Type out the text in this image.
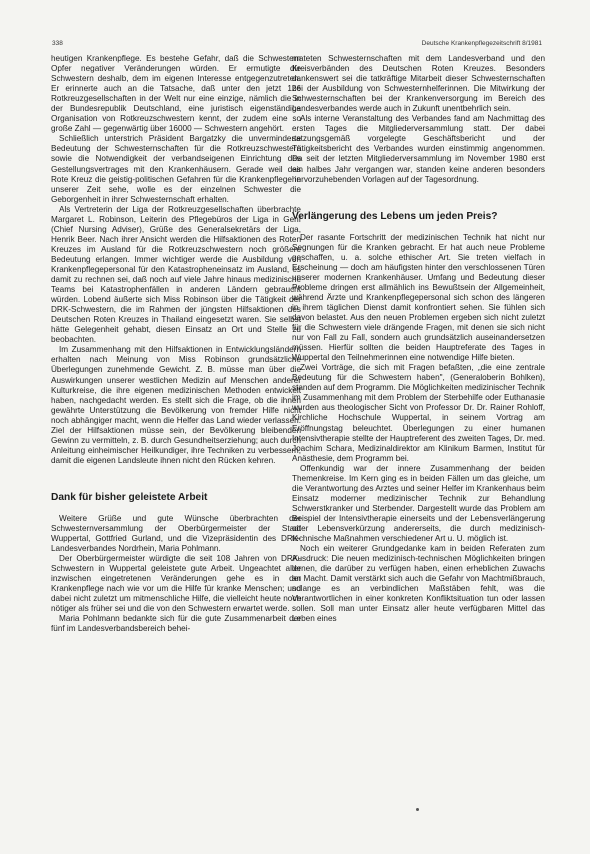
338	Deutsche Krankenpflegezeitschrift 8/1981

heutigen Krankenpflege. Es bestehe Gefahr, daß die Schwestern Opfer negativer Veränderungen würden. Er ermutigte die Schwestern deshalb, dem im eigenen Interesse entgegenzutreten. Er erinnerte auch an die Tatsache, daß unter den jetzt 126 Rotkreuzgesellschaften in der Welt nur eine einzige, nämlich die in der Bundesrepublik Deutschland, eine juristisch eigenständige Organisation von Rotkreuzschwestern kennt, der zudem eine so große Zahl — gegenwärtig über 16000 — Schwestern angehört.

Schließlich unterstrich Präsident Bargatzky die unverminderte Bedeutung der Schwesternschaften für die Rotkreuzschwestern sowie die Notwendigkeit der verbandseigenen Einrichtung des Gestellungsvertrages mit den Krankenhäusern. Gerade weil das Rote Kreuz die geistig-politischen Gefahren für die Krankenpflege in unserer Zeit sehe, wolle es der einzelnen Schwester die Geborgenheit in ihrer Schwesternschaft erhalten.

Als Vertreterin der Liga der Rotkreuzgesellschaften überbrachte Margaret L. Robinson, Leiterin des Pflegebüros der Liga in Genf (Chief Nursing Adviser), Grüße des Generalsekretärs der Liga, Henrik Beer. Nach ihrer Ansicht werden die Hilfsaktionen des Roten Kreuzes im Ausland für die Rotkreuzschwestern noch größere Bedeutung erlangen. Immer wichtiger werde die Ausbildung von Krankenpflegepersonal für den Katastropheneinsatz im Ausland, es damit zu rechnen sei, daß noch auf viele Jahre hinaus medizinische Teams bei Katastrophenfällen in anderen Ländern gebraucht würden. Lobend äußerte sich Miss Robinson über die Tätigkeit der DRK-Schwestern, die im Rahmen der jüngsten Hilfsaktionen des Deutschen Roten Kreuzes in Thailand eingesetzt waren. Sie selbst hätte Gelegenheit gehabt, diesen Einsatz an Ort und Stelle zu beobachten.

Im Zusammenhang mit den Hilfsaktionen in Entwicklungsländern erhalten nach Meinung von Miss Robinson grundsätzliche Überlegungen zunehmende Gewicht. Z. B. müsse man über die Auswirkungen unserer westlichen Medizin auf Menschen anderer Kulturkreise, die ihre eigenen medizinischen Methoden entwickelt haben, nachgedacht werden. Es stellt sich die Frage, ob die ihnen gewährte Unterstützung die Bevölkerung von fremder Hilfe nicht noch abhängiger macht, wenn die Helfer das Land wieder verlassen. Ziel der Hilfsaktionen müsse sein, der Bevölkerung bleibenden Gewinn zu vermitteln, z. B. durch Gesundheitserziehung; auch durch Anleitung einheimischer Heilkundiger, ihre Techniken zu verbessern, damit die eigenen Landsleute ihnen nicht den Rücken kehren.

Dank für bisher geleistete Arbeit

Weitere Grüße und gute Wünsche überbrachten der Schwesternversammlung der Oberbürgermeister der Stadt Wuppertal, Gottfried Gurland, und die Vizepräsidentin des DRK-Landesverbandes Nordrhein, Maria Pohlmann.

Der Oberbürgermeister würdigte die seit 108 Jahren von DRK-Schwestern in Wuppertal geleistete gute Arbeit. Ungeachtet aller inzwischen eingetretenen Veränderungen gehe es in der Krankenpflege nach wie vor um die Hilfe für kranke Menschen; und dabei nicht zuletzt um mitmenschliche Hilfe, die vielleicht heute noch nötiger als früher sei und die von den Schwestern erwartet werde.

Maria Pohlmann bedankte sich für die gute Zusammenarbeit der fünf im Landesverbandsbereich behei-

mateten Schwesternschaften mit dem Landesverband und den Kreisverbänden des Deutschen Roten Kreuzes. Besonders dankenswert sei die tatkräftige Mitarbeit dieser Schwesternschaften bei der Ausbildung von Schwesternhelferinnen. Die Mitwirkung der Schwesternschaften bei der Krankenversorgung im Bereich des Landesverbandes werde auch in Zukunft unentbehrlich sein.

Als interne Veranstaltung des Verbandes fand am Nachmittag des ersten Tages die Mitgliederversammlung statt. Der dabei satzungsgemäß vorgelegte Geschäftsbericht und der Tätigkeitsbericht des Verbandes wurden einstimmig angenommen. Da seit der letzten Mitgliederversammlung im November 1980 erst ein halbes Jahr vergangen war, standen keine anderen besonders hervorzuhebenden Vorlagen auf der Tagesordnung.

Verlängerung des Lebens um jeden Preis?

Der rasante Fortschritt der medizinischen Technik hat nicht nur Segnungen für die Kranken gebracht. Er hat auch neue Probleme geschaffen, u. a. solche ethischer Art. Sie treten vielfach in Erscheinung — doch am häufigsten hinter den verschlossenen Türen unserer modernen Krankenhäuser. Umfang und Bedeutung dieser Probleme dringen erst allmählich ins Bewußtsein der Allgemeinheit, während Ärzte und Krankenpflegepersonal sich schon des längeren in ihrem täglichen Dienst damit konfrontiert sehen. Sie fühlen sich davon belastet. Aus den neuen Problemen ergeben sich nicht zuletzt für die Schwestern viele drängende Fragen, mit denen sie sich nicht nur von Fall zu Fall, sondern auch grundsätzlich auseinandersetzen müssen. Hierfür sollten die beiden Hauptreferate des Tages in Wuppertal den Teilnehmerinnen eine notwendige Hilfe bieten.

Zwei Vorträge, die sich mit Fragen befaßten, „die eine zentrale Bedeutung für die Schwestern haben", (Generaloberin Bohlken), standen auf dem Programm. Die Möglichkeiten medizinischer Technik im Zusammenhang mit dem Problem der Sterbehilfe oder Euthanasie wurden aus theologischer Sicht von Professor Dr. Dr. Rainer Rohloff, Kirchliche Hochschule Wuppertal, in seinem Vortrag am Eröffnungstag beleuchtet. Überlegungen zu einer humanen Intensivtherapie stellte der Hauptreferent des zweiten Tages, Dr. med. Joachim Schara, Medizinaldirektor am Klinikum Barmen, Institut für Anästhesie, dem Programm bei.

Offenkundig war der innere Zusammenhang der beiden Themenkreise. Im Kern ging es in beiden Fällen um das gleiche, um die Verantwortung des Arztes und seiner Helfer im Krankenhaus beim Einsatz moderner medizinischer Technik zur Behandlung Schwerstkranker und Sterbender. Dargestellt wurde das Problem am Beispiel der Intensivtherapie einerseits und der Lebensverlängerung oder Lebensverkürzung andererseits, die durch medizinisch-technische Maßnahmen verschiedener Art u. U. möglich ist.

Noch ein weiterer Grundgedanke kam in beiden Referaten zum Ausdruck: Die neuen medizinisch-technischen Möglichkeiten bringen denen, die darüber zu verfügen haben, einen erheblichen Zuwachs an Macht. Damit verstärkt sich auch die Gefahr von Machtmißbrauch, solange es an verbindlichen Maßstäben fehlt, was die Verantwortlichen in einer konkreten Konfliktsituation tun oder lassen sollen. Soll man unter Einsatz aller heute verfügbaren Mittel das Leben eines
